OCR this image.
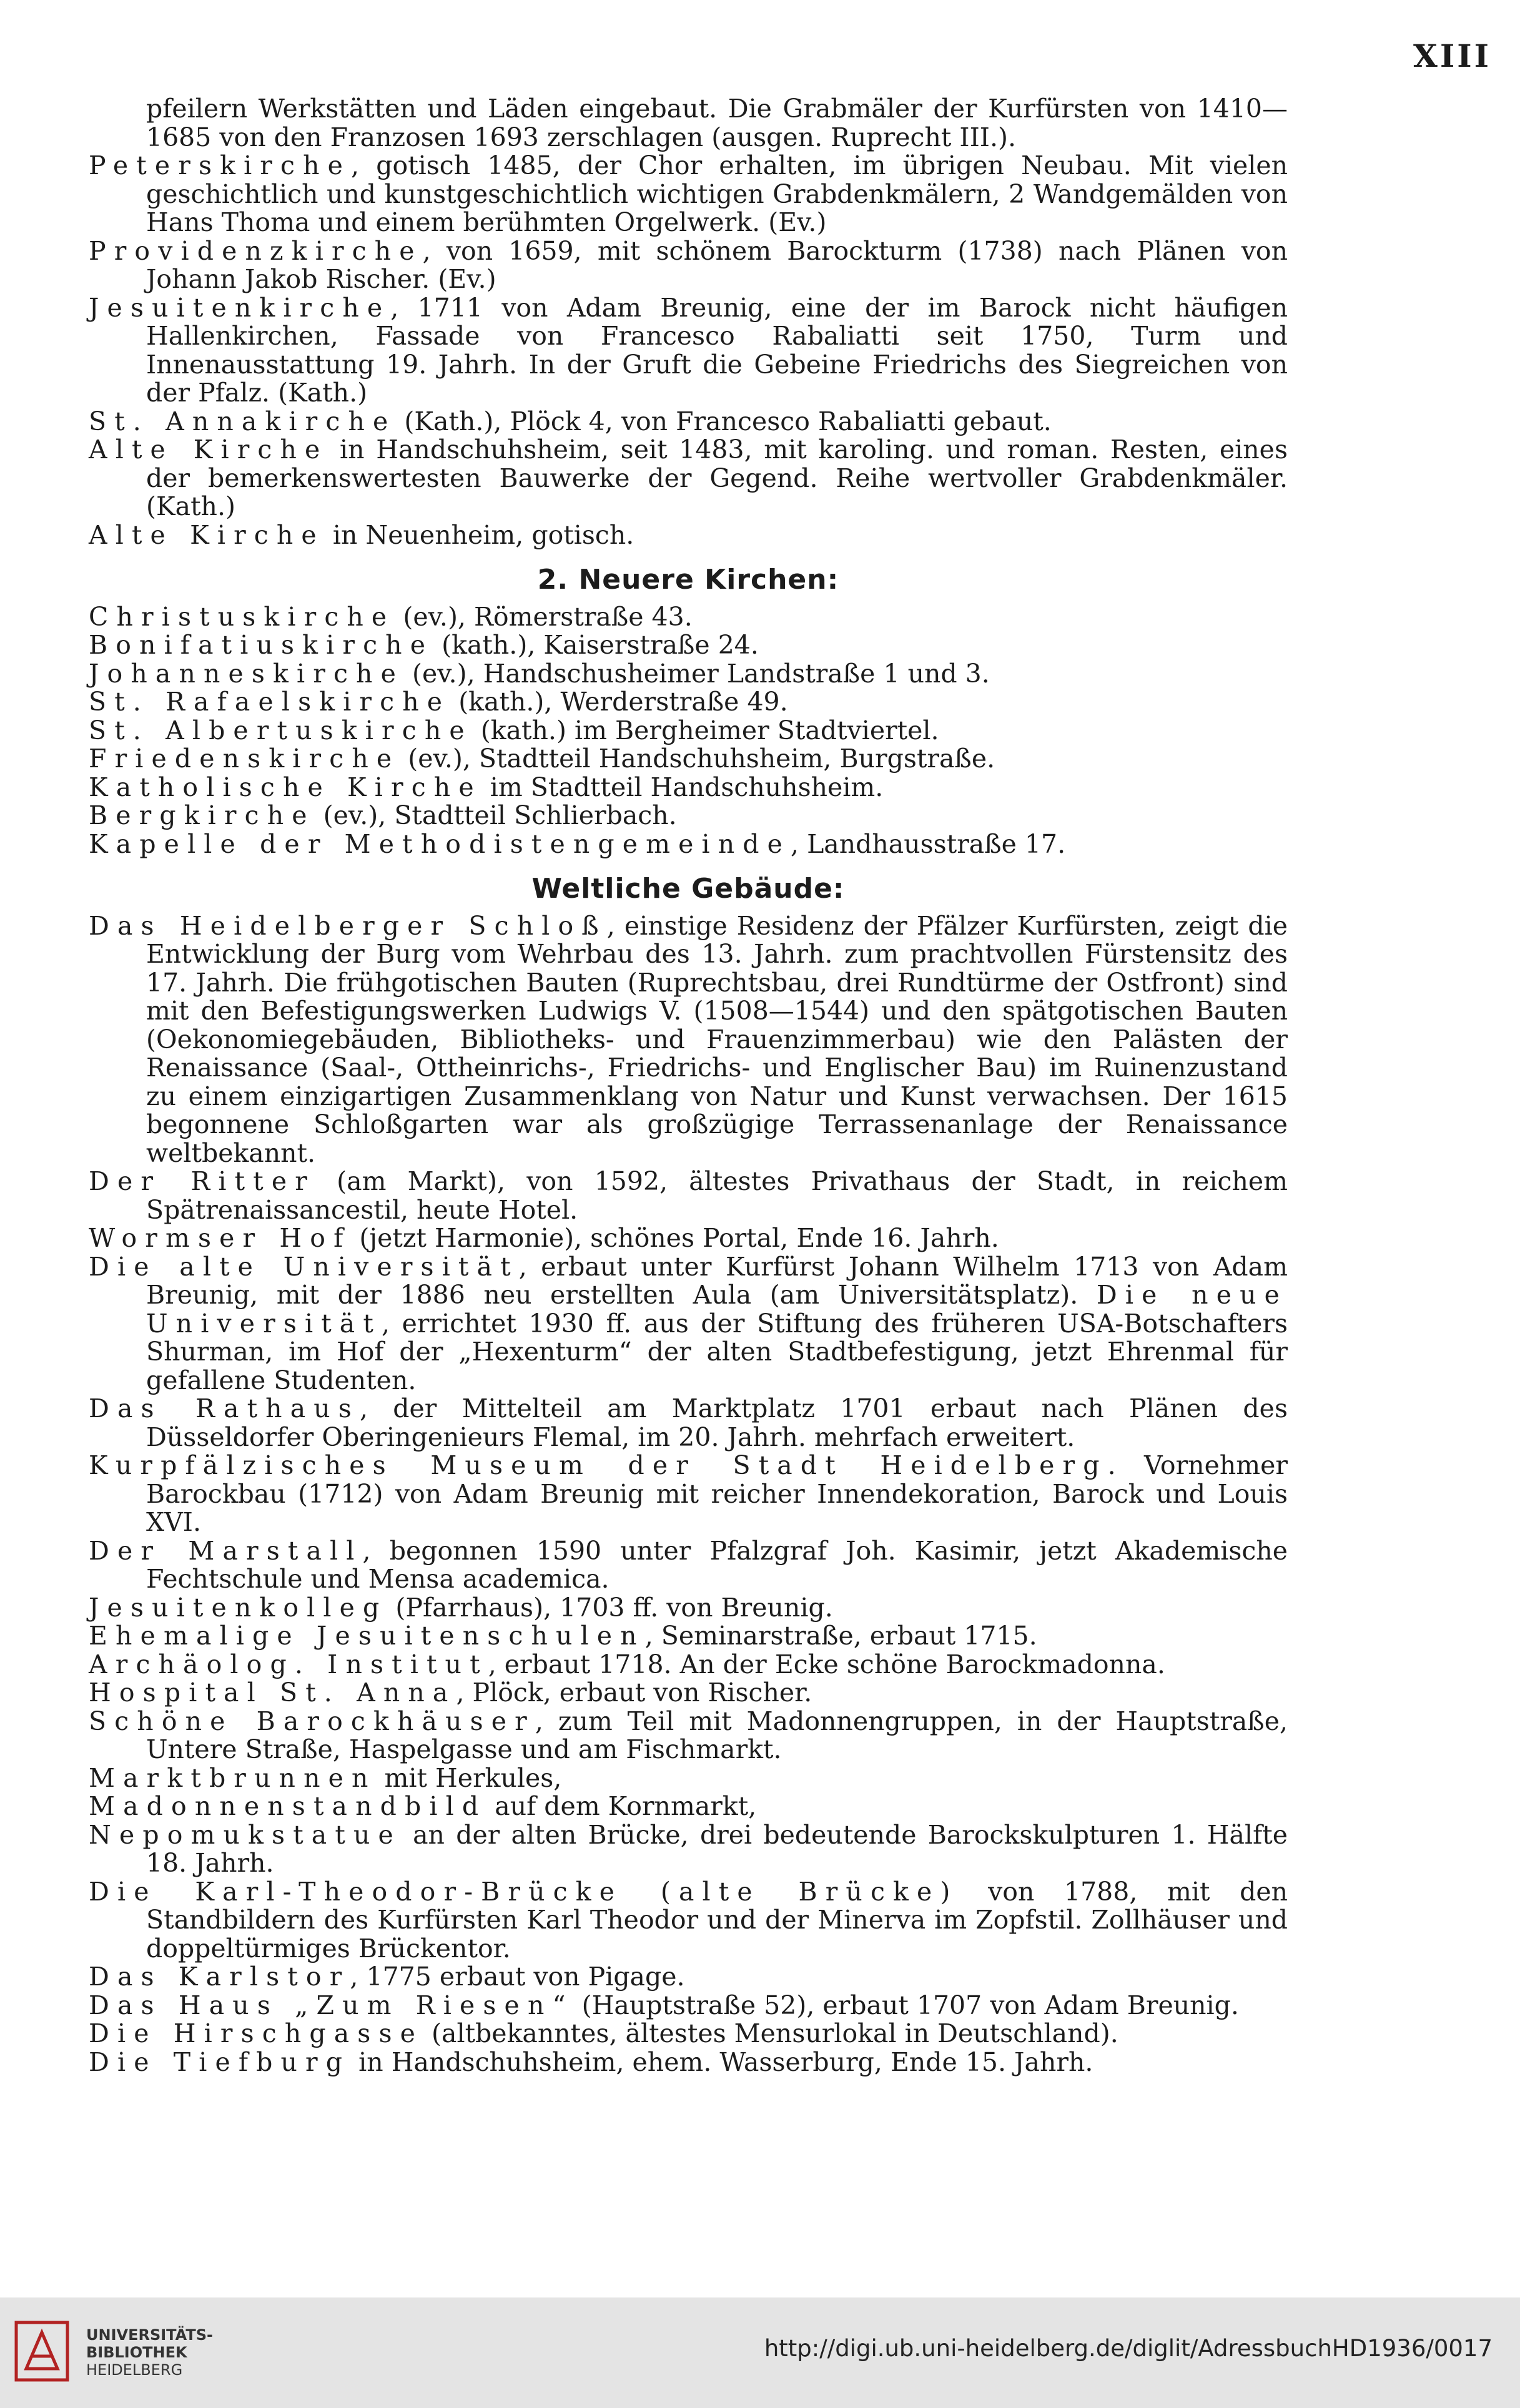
XIII

pfeilern Werkstätten und Läden eingebaut. Die Grabmäler der Kurfürsten von 1410—1685 von den Franzosen 1693 zerschlagen (ausgen. Ruprecht III.).

Peterskirche, gotisch 1485, der Chor erhalten, im übrigen Neubau. Mit vielen geschichtlich und kunstgeschichtlich wichtigen Grabdenkmälern, 2 Wandgemälden von Hans Thoma und einem berühmten Orgelwerk. (Ev.)

Providenzkirche, von 1659, mit schönem Barockturm (1738) nach Plänen von Johann Jakob Rischer. (Ev.)

Jesuitenkirche, 1711 von Adam Breunig, eine der im Barock nicht häufigen Hallenkirchen, Fassade von Francesco Rabaliatti seit 1750, Turm und Innenausstattung 19. Jahrh. In der Gruft die Gebeine Friedrichs des Siegreichen von der Pfalz. (Kath.)

St. Annakirche (Kath.), Plöck 4, von Francesco Rabaliatti gebaut.

Alte Kirche in Handschuhsheim, seit 1483, mit karoling. und roman. Resten, eines der bemerkenswertesten Bauwerke der Gegend. Reihe wertvoller Grabdenkmäler. (Kath.)

Alte Kirche in Neuenheim, gotisch.

2. Neuere Kirchen:

Christuskirche (ev.), Römerstraße 43.

Bonifatiuskirche (kath.), Kaiserstraße 24.

Johanneskirche (ev.), Handschusheimer Landstraße 1 und 3.

St. Rafaelskirche (kath.), Werderstraße 49.

St. Albertuskirche (kath.) im Bergheimer Stadtviertel.

Friedenskirche (ev.), Stadtteil Handschuhsheim, Burgstraße.

Katholische Kirche im Stadtteil Handschuhsheim.

Bergkirche (ev.), Stadtteil Schlierbach.

Kapelle der Methodistengemeinde, Landhausstraße 17.

Weltliche Gebäude:

Das Heidelberger Schloß, einstige Residenz der Pfälzer Kurfürsten, zeigt die Entwicklung der Burg vom Wehrbau des 13. Jahrh. zum prachtvollen Fürstensitz des 17. Jahrh. Die frühgotischen Bauten (Ruprechtsbau, drei Rundtürme der Ostfront) sind mit den Befestigungswerken Ludwigs V. (1508—1544) und den spätgotischen Bauten (Oekonomiegebäuden, Bibliotheks- und Frauenzimmerbau) wie den Palästen der Renaissance (Saal-, Ottheinrichs-, Friedrichs- und Englischer Bau) im Ruinenzustand zu einem einzigartigen Zusammenklang von Natur und Kunst verwachsen. Der 1615 begonnene Schloßgarten war als großzügige Terrassenanlage der Renaissance weltbekannt.

Der Ritter (am Markt), von 1592, ältestes Privathaus der Stadt, in reichem Spätrenaissancestil, heute Hotel.

Wormser Hof (jetzt Harmonie), schönes Portal, Ende 16. Jahrh.

Die alte Universität, erbaut unter Kurfürst Johann Wilhelm 1713 von Adam Breunig, mit der 1886 neu erstellten Aula (am Universitätsplatz). Die neue Universität, errichtet 1930 ff. aus der Stiftung des früheren USA-Botschafters Shurman, im Hof der „Hexenturm“ der alten Stadtbefestigung, jetzt Ehrenmal für gefallene Studenten.

Das Rathaus, der Mittelteil am Marktplatz 1701 erbaut nach Plänen des Düsseldorfer Oberingenieurs Flemal, im 20. Jahrh. mehrfach erweitert.

Kurpfälzisches Museum der Stadt Heidelberg. Vornehmer Barockbau (1712) von Adam Breunig mit reicher Innendekoration, Barock und Louis XVI.

Der Marstall, begonnen 1590 unter Pfalzgraf Joh. Kasimir, jetzt Akademische Fechtschule und Mensa academica.

Jesuitenkolleg (Pfarrhaus), 1703 ff. von Breunig.

Ehemalige Jesuitenschulen, Seminarstraße, erbaut 1715.

Archäolog. Institut, erbaut 1718. An der Ecke schöne Barockmadonna.

Hospital St. Anna, Plöck, erbaut von Rischer.

Schöne Barockhäuser, zum Teil mit Madonnengruppen, in der Hauptstraße, Untere Straße, Haspelgasse und am Fischmarkt.

Marktbrunnen mit Herkules,

Madonnenstandbild auf dem Kornmarkt,

Nepomukstatue an der alten Brücke, drei bedeutende Barockskulpturen 1. Hälfte 18. Jahrh.

Die Karl-Theodor-Brücke (alte Brücke) von 1788, mit den Standbildern des Kurfürsten Karl Theodor und der Minerva im Zopfstil. Zollhäuser und doppeltürmiges Brückentor.

Das Karlstor, 1775 erbaut von Pigage.

Das Haus „Zum Riesen“ (Hauptstraße 52), erbaut 1707 von Adam Breunig.

Die Hirschgasse (altbekanntes, ältestes Mensurlokal in Deutschland).

Die Tiefburg in Handschuhsheim, ehem. Wasserburg, Ende 15. Jahrh.

UNIVERSITÄTS-
BIBLIOTHEK
HEIDELBERG
http://digi.ub.uni-heidelberg.de/diglit/AdressbuchHD1936/0017
